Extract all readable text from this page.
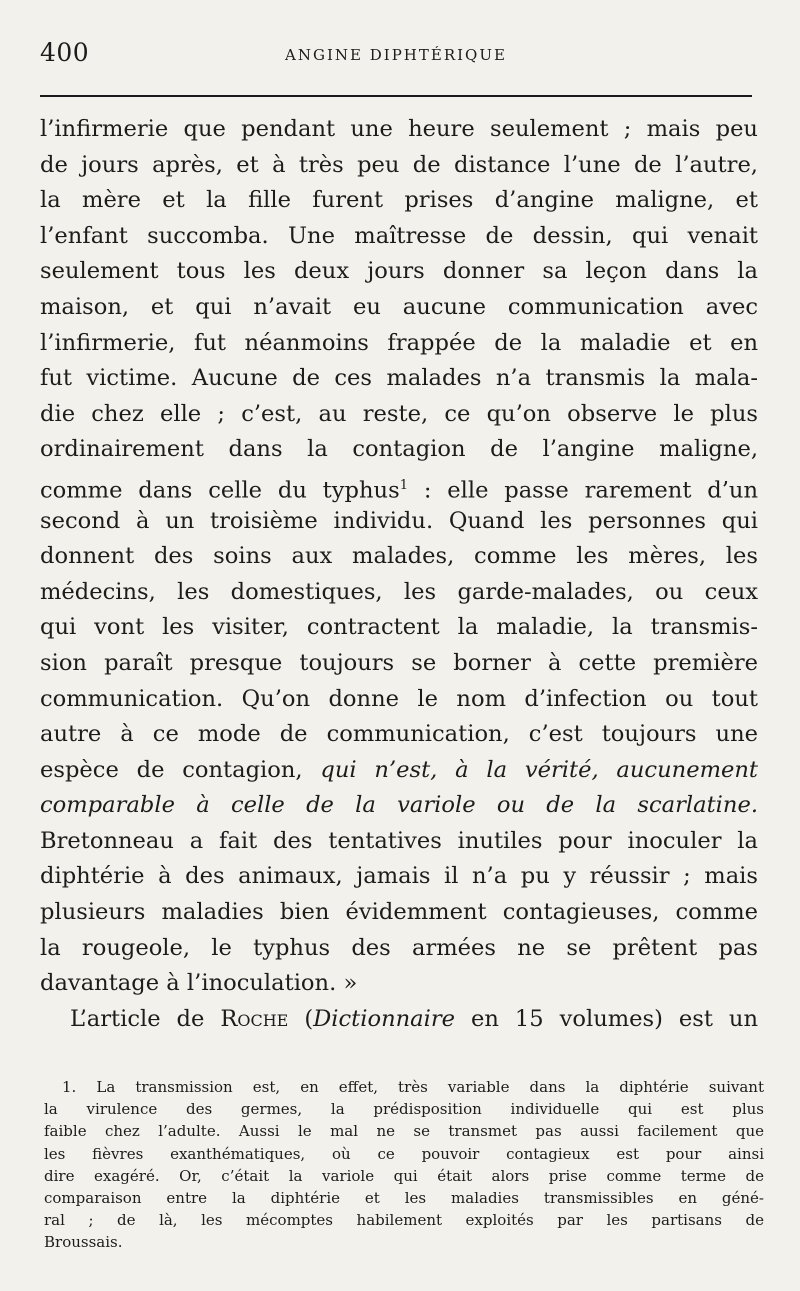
400	ANGINE DIPHTÉRIQUE
l’infirmerie que pendant une heure seulement ; mais peu
de jours après, et à très peu de distance l’une de l’autre,
la mère et la fille furent prises d’angine maligne, et
l’enfant succomba. Une maîtresse de dessin, qui venait
seulement tous les deux jours donner sa leçon dans la
maison, et qui n’avait eu aucune communication avec
l’infirmerie, fut néanmoins frappée de la maladie et en
fut victime. Aucune de ces malades n’a transmis la mala-
die chez elle ; c’est, au reste, ce qu’on observe le plus
ordinairement dans la contagion de l’angine maligne,
comme dans celle du typhus$^1$ : elle passe rarement d’un
second à un troisième individu. Quand les personnes qui
donnent des soins aux malades, comme les mères, les
médecins, les domestiques, les garde-malades, ou ceux
qui vont les visiter, contractent la maladie, la transmis-
sion paraît presque toujours se borner à cette première
communication. Qu’on donne le nom d’infection ou tout
autre à ce mode de communication, c’est toujours une
espèce de contagion, qui n’est, à la vérité, aucunement
comparable à celle de la variole ou de la scarlatine.
Bretonneau a fait des tentatives inutiles pour inoculer la
diphtérie à des animaux, jamais il n’a pu y réussir ; mais
plusieurs maladies bien évidemment contagieuses, comme
la rougeole, le typhus des armées ne se prêtent pas
davantage à l’inoculation. »
L’article de Roche (Dictionnaire en 15 volumes) est un
1. La transmission est, en effet, très variable dans la diphtérie suivant
la virulence des germes, la prédisposition individuelle qui est plus
faible chez l’adulte. Aussi le mal ne se transmet pas aussi facilement que
les fièvres exanthématiques, où ce pouvoir contagieux est pour ainsi
dire exagéré. Or, c’était la variole qui était alors prise comme terme de
comparaison entre la diphtérie et les maladies transmissibles en géné-
ral ; de là, les mécomptes habilement exploités par les partisans de
Broussais.
